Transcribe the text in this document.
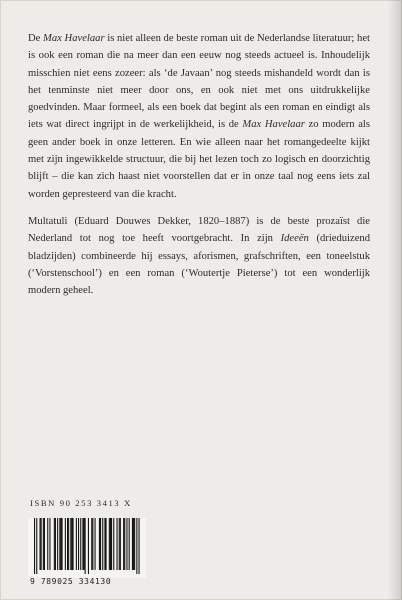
De Max Havelaar is niet alleen de beste roman uit de Nederlandse literatuur; het is ook een roman die na meer dan een eeuw nog steeds actueel is. Inhoudelijk misschien niet eens zozeer: als ‘de Javaan’ nog steeds mishandeld wordt dan is het tenminste niet meer door ons, en ook niet met ons uitdrukkelijke goedvinden. Maar formeel, als een boek dat begint als een roman en eindigt als iets wat direct ingrijpt in de werkelijkheid, is de Max Havelaar zo modern als geen ander boek in onze letteren. En wie alleen naar het romangedeelte kijkt met zijn ingewikkelde structuur, die bij het lezen toch zo logisch en doorzichtig blijft – die kan zich haast niet voorstellen dat er in onze taal nog eens iets zal worden gepresteerd van die kracht.

Multatuli (Eduard Douwes Dekker, 1820–1887) is de beste prozaïst die Nederland tot nog toe heeft voortgebracht. In zijn Ideeën (drieduizend bladzijden) combineerde hij essays, aforismen, grafschriften, een toneelstuk (‘Vorstenschool’) en een roman (‘Woutertje Pieterse’) tot een wonderlijk modern geheel.

ISBN 90 253 3413 X
9 789025 334130
